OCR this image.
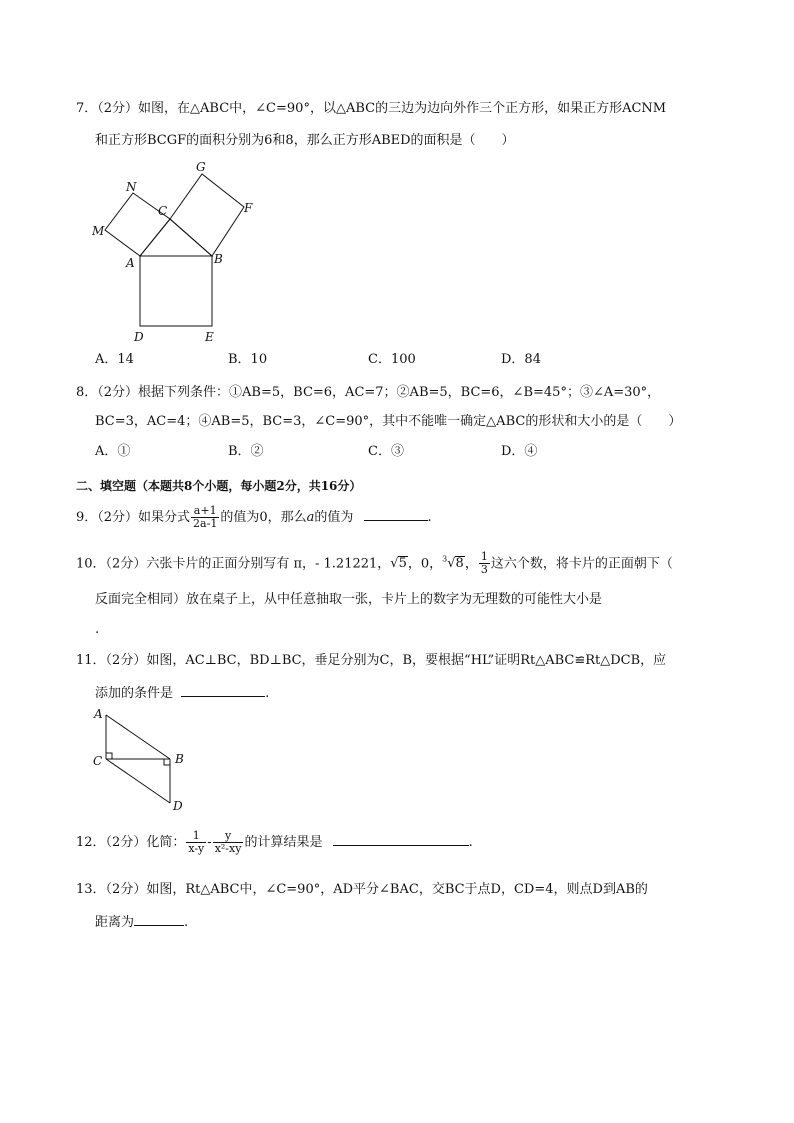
7．（2分）如图，在△ABC中，∠C=90°，以△ABC的三边为边向外作三个正方形，如果正方形ACNM
和正方形BCGF的面积分别为6和8，那么正方形ABED的面积是（　　）
G
N
C	F
M
A	B
D	E
A．14	B．10	C．100	D．84
8．（2分）根据下列条件：①AB=5，BC=6，AC=7；②AB=5，BC=6，∠B=45°；③∠A=30°，
BC=3，AC=4；④AB=5，BC=3，∠C=90°，其中不能唯一确定△ABC的形状和大小的是（　　）
A．①	B．②	C．③	D．④
二、填空题（本题共8个小题，每小题2分，共16分）
9．（2分）如果分式 $\frac{a+1}{2a-1}$ 的值为0，那么a的值为	.
10．（2分）六张卡片的正面分别写有 π，- 1.21221，√5，0，$^3$√8， $\frac{1}{3}$ 这六个数，将卡片的正面朝下（
反面完全相同）放在桌子上，从中任意抽取一张，卡片上的数字为无理数的可能性大小是
.
11．（2分）如图，AC⊥BC，BD⊥BC，垂足分别为C，B，要根据“HL”证明Rt△ABC≌Rt△DCB，应
添加的条件是	.
A
C	B
D
12．（2分）化简： $\frac{1}{x-y} - \frac{y}{\text{x²-xy}}$ 的计算结果是	.
13．（2分）如图，Rt△ABC中，∠C=90°，AD平分∠BAC，交BC于点D，CD=4，则点D到AB的
距离为	.
